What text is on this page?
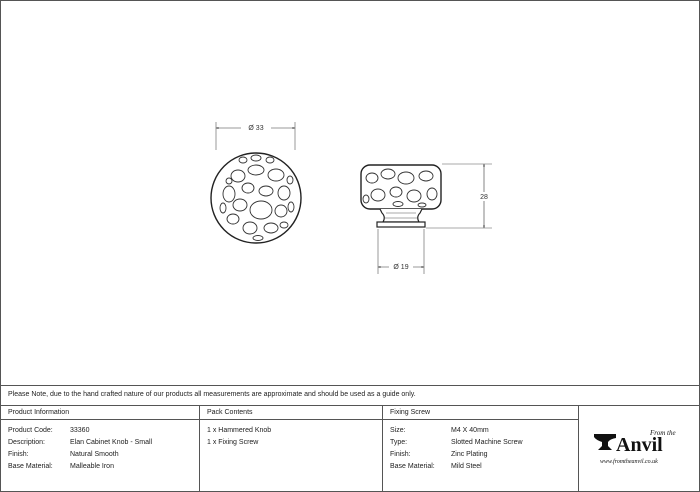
Ø 33
28
Ø 19
Please Note, due to the hand crafted nature of our products all measurements are approximate and should be used as a guide only.
Product Information
Product Code: 33360
Description:	Elan Cabinet Knob - Small
Finish:	Natural Smooth
Base Material: Malleable Iron
Pack Contents
1 x Hammered Knob
1 x Fixing Screw
Fixing Screw
Size:	M4 X 40mm
Type:	Slotted Machine Screw
Finish:	Zinc Plating
Base Material: Mild Steel
From the
Anvil
www.fromtheanvil.co.uk
